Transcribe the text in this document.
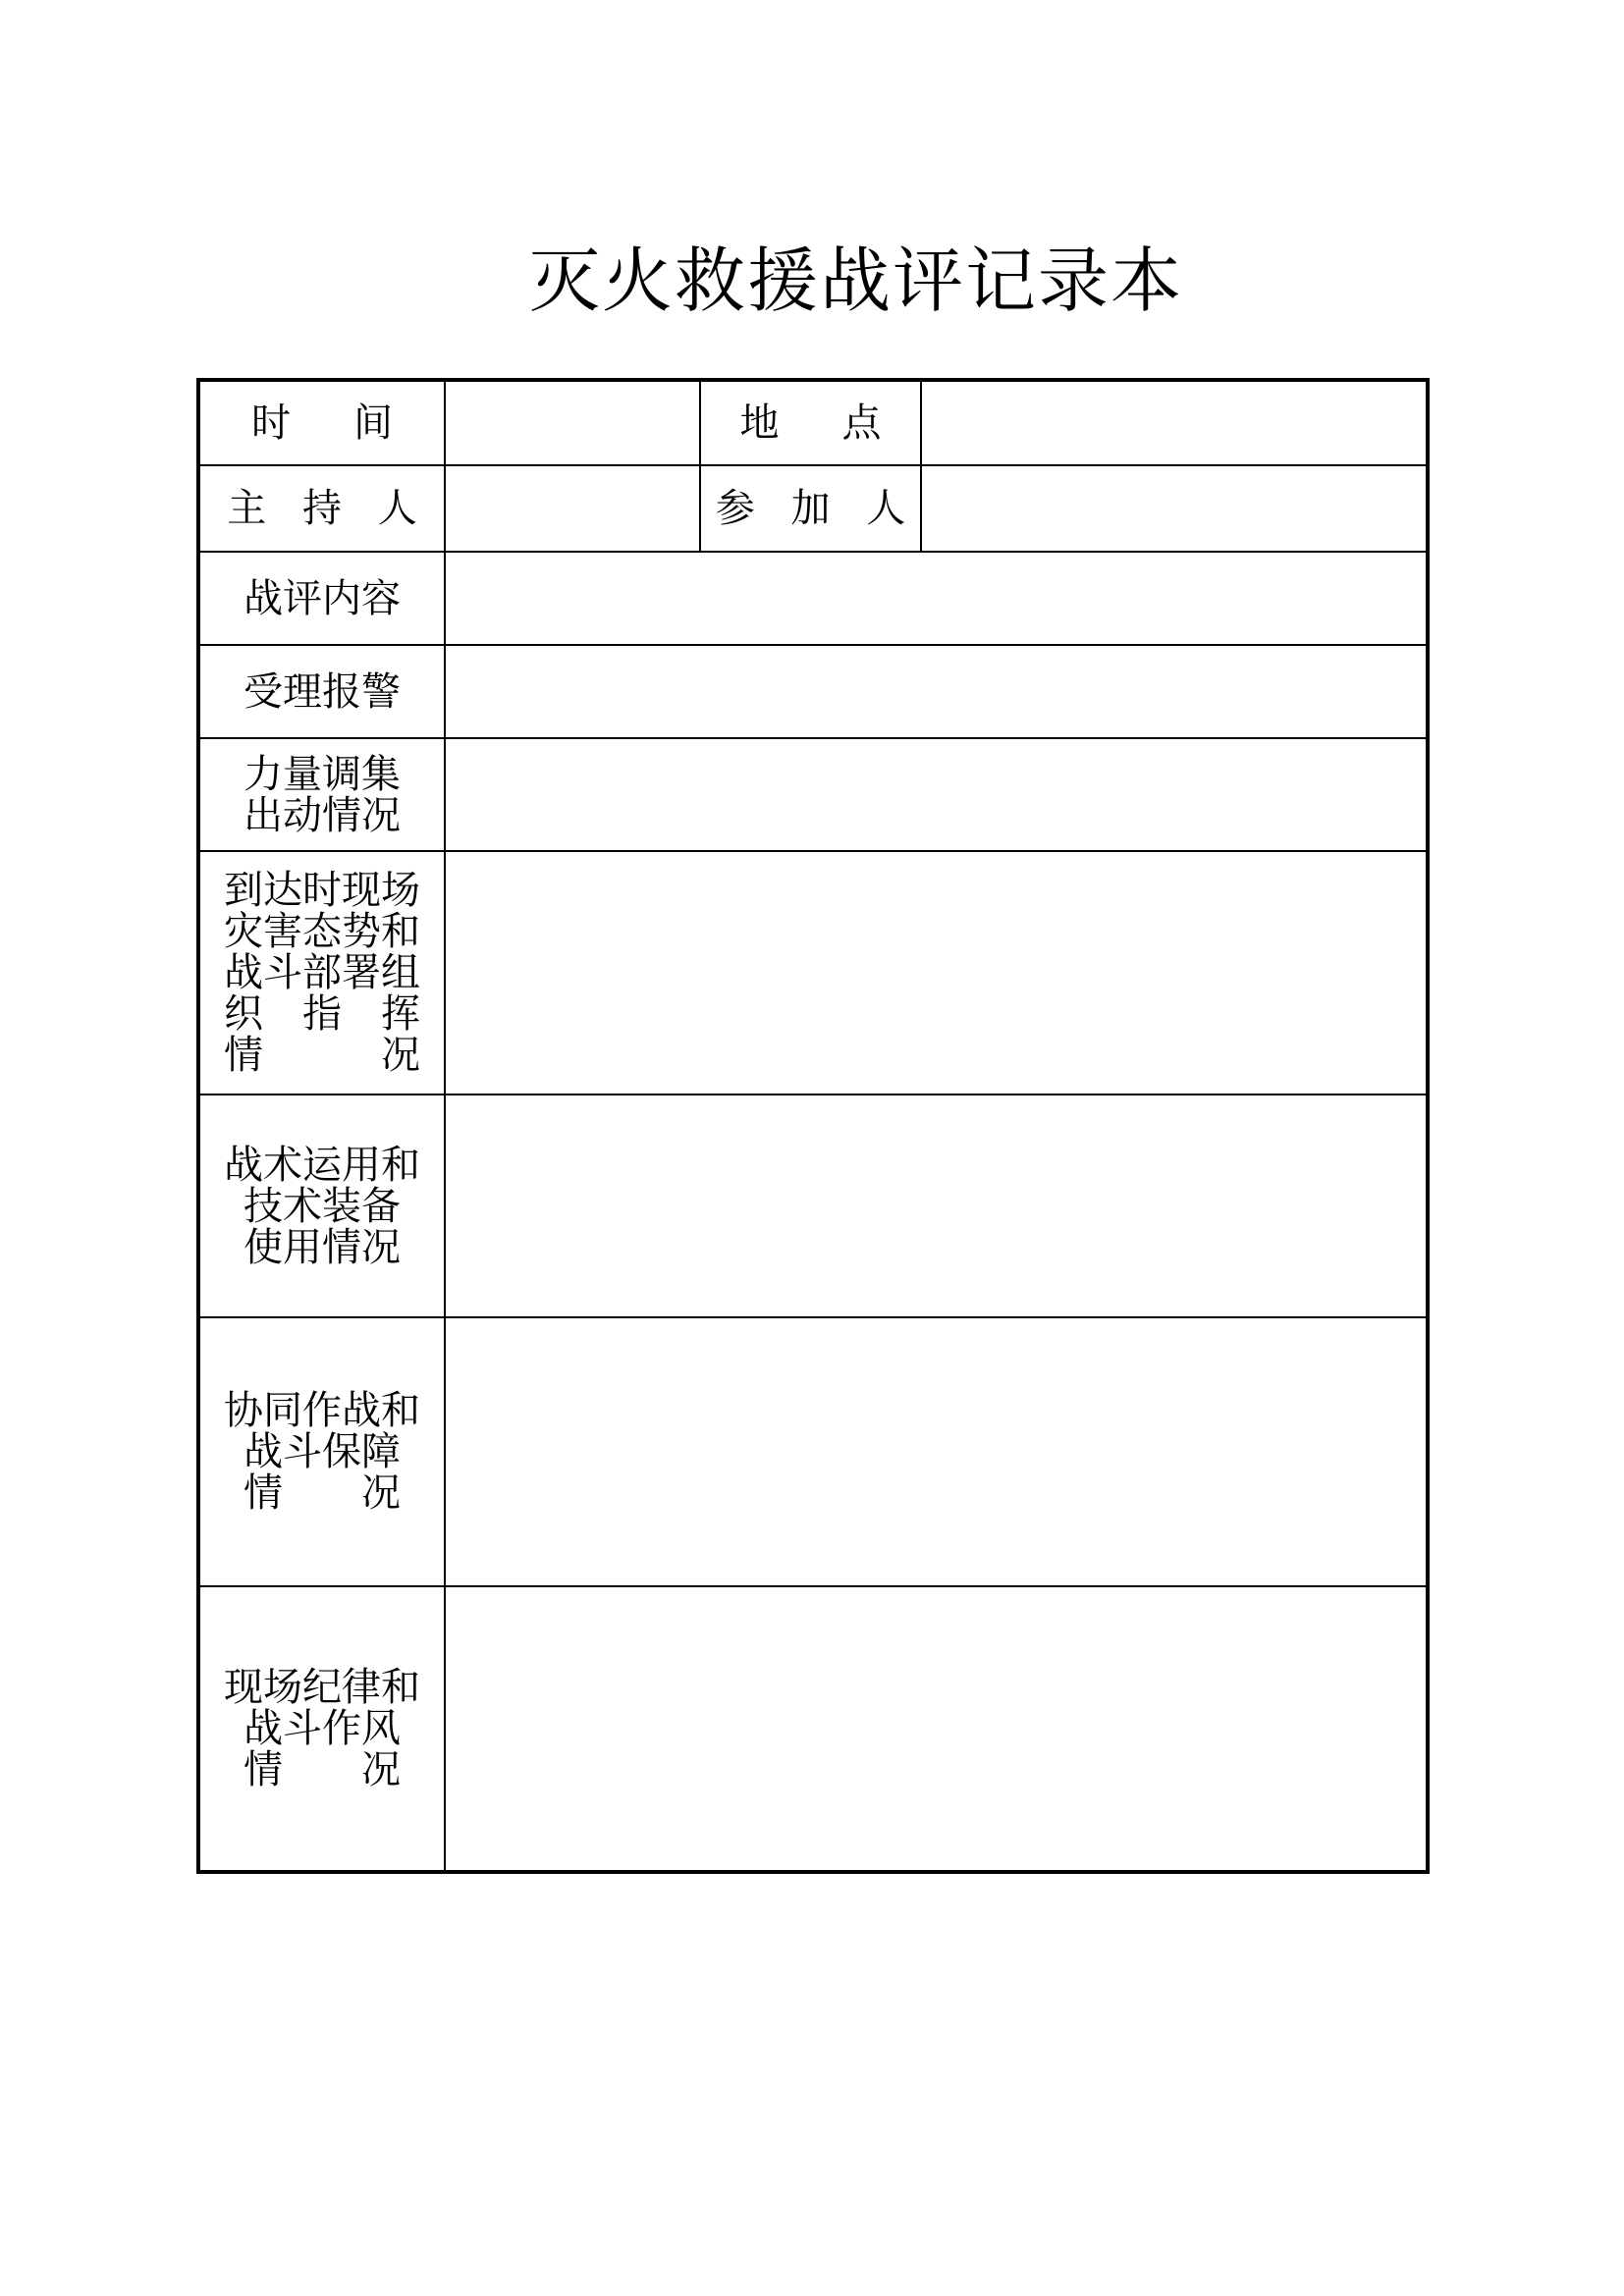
灭火救援战评记录本
时　间		地　点	
主 持 人		参 加 人	

战评内容			

受理报警			

力量调集
出动情况			

到达时现场
灾害态势和
战斗部署组
织　指　挥
情　　　况			

战术运用和
技术装备
使用情况			

协同作战和
战斗保障
情　　况			

现场纪律和
战斗作风
情　　况			
